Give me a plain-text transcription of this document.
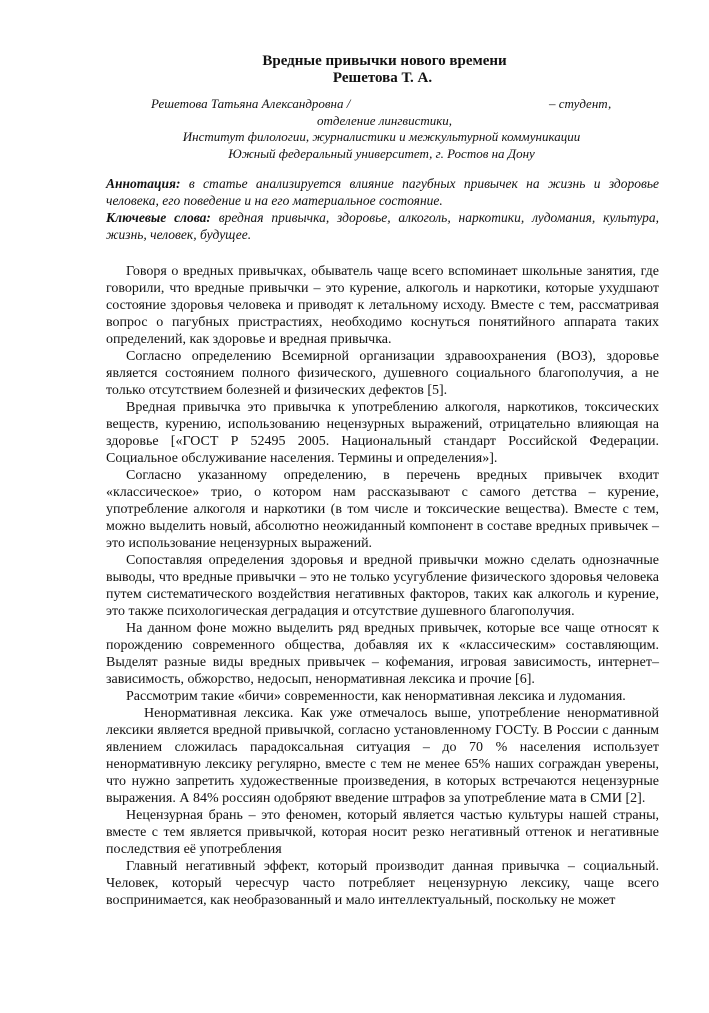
Вредные привычки нового времени
Решетова Т. А.
Решетова Татьяна Александровна /	– студент,
отделение лингвистики,
Институт филологии, журналистики и межкультурной коммуникации
Южный федеральный университет, г. Ростов на Дону

Аннотация: в статье анализируется влияние пагубных привычек на жизнь и здоровье человека, его поведение и на его материальное состояние.

Ключевые слова: вредная привычка, здоровье, алкоголь, наркотики, лудомания, культура, жизнь, человек, будущее.

Говоря о вредных привычках, обыватель чаще всего вспоминает школьные занятия, где говорили, что вредные привычки – это курение, алкоголь и наркотики, которые ухудшают состояние здоровья человека и приводят к летальному исходу. Вместе с тем, рассматривая вопрос о пагубных пристрастиях, необходимо коснуться понятийного аппарата таких определений, как здоровье и вредная привычка.

Согласно определению Всемирной организации здравоохранения (ВОЗ), здоровье является состоянием полного физического, душевного социального благополучия, а не только отсутствием болезней и физических дефектов [5].

Вредная привычка это привычка к употреблению алкоголя, наркотиков, токсических веществ, курению, использованию нецензурных выражений, отрицательно влияющая на здоровье [«ГОСТ Р 52495 2005. Национальный стандарт Российской Федерации. Социальное обслуживание населения. Термины и определения»].

Согласно указанному определению, в перечень вредных привычек входит «классическое» трио, о котором нам рассказывают с самого детства – курение, употребление алкоголя и наркотики (в том числе и токсические вещества). Вместе с тем, можно выделить новый, абсолютно неожиданный компонент в составе вредных привычек – это использование нецензурных выражений.

Сопоставляя определения здоровья и вредной привычки можно сделать однозначные выводы, что вредные привычки – это не только усугубление физического здоровья человека путем систематического воздействия негативных факторов, таких как алкоголь и курение, это также психологическая деградация и отсутствие душевного благополучия.

На данном фоне можно выделить ряд вредных привычек, которые все чаще относят к порождению современного общества, добавляя их к «классическим» составляющим. Выделят разные виды вредных привычек – кофемания, игровая зависимость, интернет–зависимость, обжорство, недосып, ненормативная лексика и прочие [6].

Рассмотрим такие «бичи» современности, как ненормативная лексика и лудомания.

Ненормативная лексика. Как уже отмечалось выше, употребление ненормативной лексики является вредной привычкой, согласно установленному ГОСТу. В России с данным явлением сложилась парадоксальная ситуация – до 70 % населения использует ненормативную лексику регулярно, вместе с тем не менее 65% наших сограждан уверены, что нужно запретить художественные произведения, в которых встречаются нецензурные выражения. А 84% россиян одобряют введение штрафов за употребление мата в СМИ [2].

Нецензурная брань – это феномен, который является частью культуры нашей страны, вместе с тем является привычкой, которая носит резко негативный оттенок и негативные последствия её употребления

Главный негативный эффект, который производит данная привычка – социальный. Человек, который чересчур часто потребляет нецензурную лексику, чаще всего воспринимается, как необразованный и мало интеллектуальный, поскольку не может
